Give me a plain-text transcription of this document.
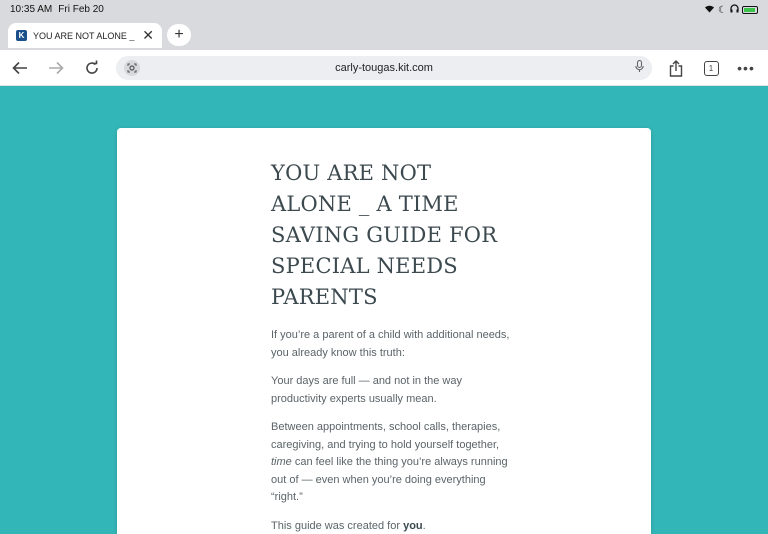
10:35 AM Fri Feb 20	☾
K YOU ARE NOT ALONE _ ✕	+
carly-tougas.kit.com	1	•••
YOU ARE NOT ALONE _ A TIME SAVING GUIDE FOR SPECIAL NEEDS PARENTS

If you’re a parent of a child with additional needs, you already know this truth:

Your days are full — and not in the way productivity experts usually mean.

Between appointments, school calls, therapies, caregiving, and trying to hold yourself together, time can feel like the thing you’re always running out of — even when you’re doing everything “right.”

This guide was created for you.
